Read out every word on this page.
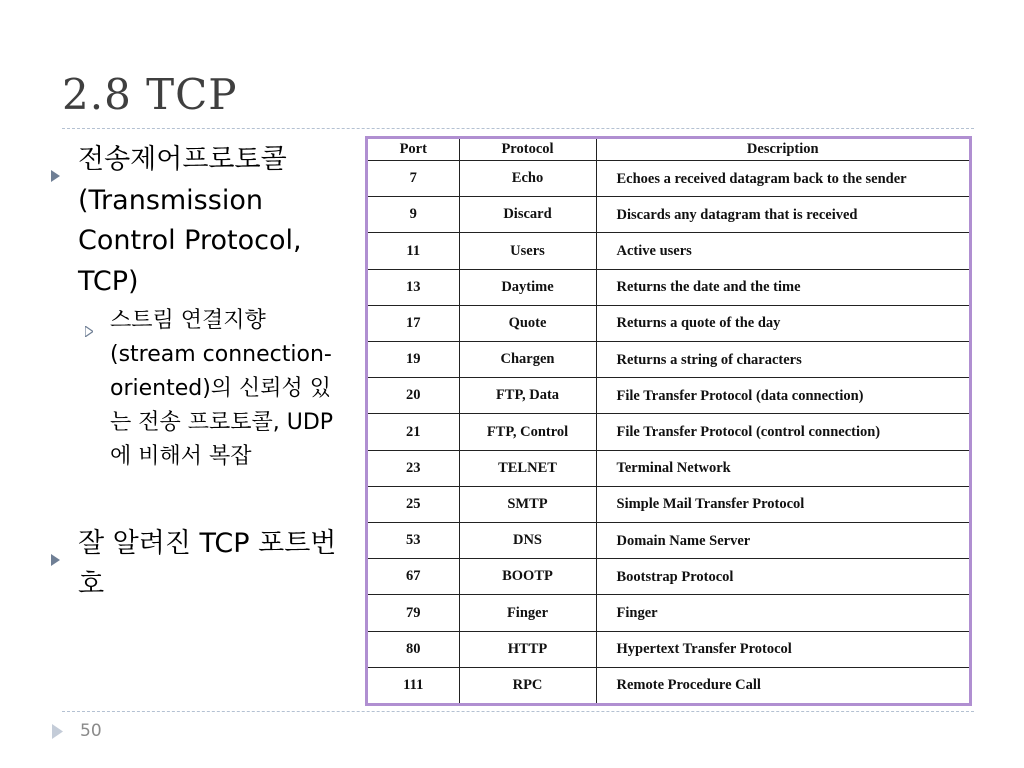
2.8 TCP
전송제어프로토콜(Transmission Control Protocol, TCP)
스트림 연결지향(stream connection-oriented)의 신뢰성 있는 전송 프로토콜, UDP에 비해서 복잡
잘 알려진 TCP 포트번호
Port	Protocol	Description
7	Echo	Echoes a received datagram back to the sender
9	Discard	Discards any datagram that is received
11	Users	Active users
13	Daytime	Returns the date and the time
17	Quote	Returns a quote of the day
19	Chargen	Returns a string of characters
20	FTP, Data	File Transfer Protocol (data connection)
21	FTP, Control	File Transfer Protocol (control connection)
23	TELNET	Terminal Network
25	SMTP	Simple Mail Transfer Protocol
53	DNS	Domain Name Server
67	BOOTP	Bootstrap Protocol
79	Finger	Finger
80	HTTP	Hypertext Transfer Protocol
111	RPC	Remote Procedure Call
50
